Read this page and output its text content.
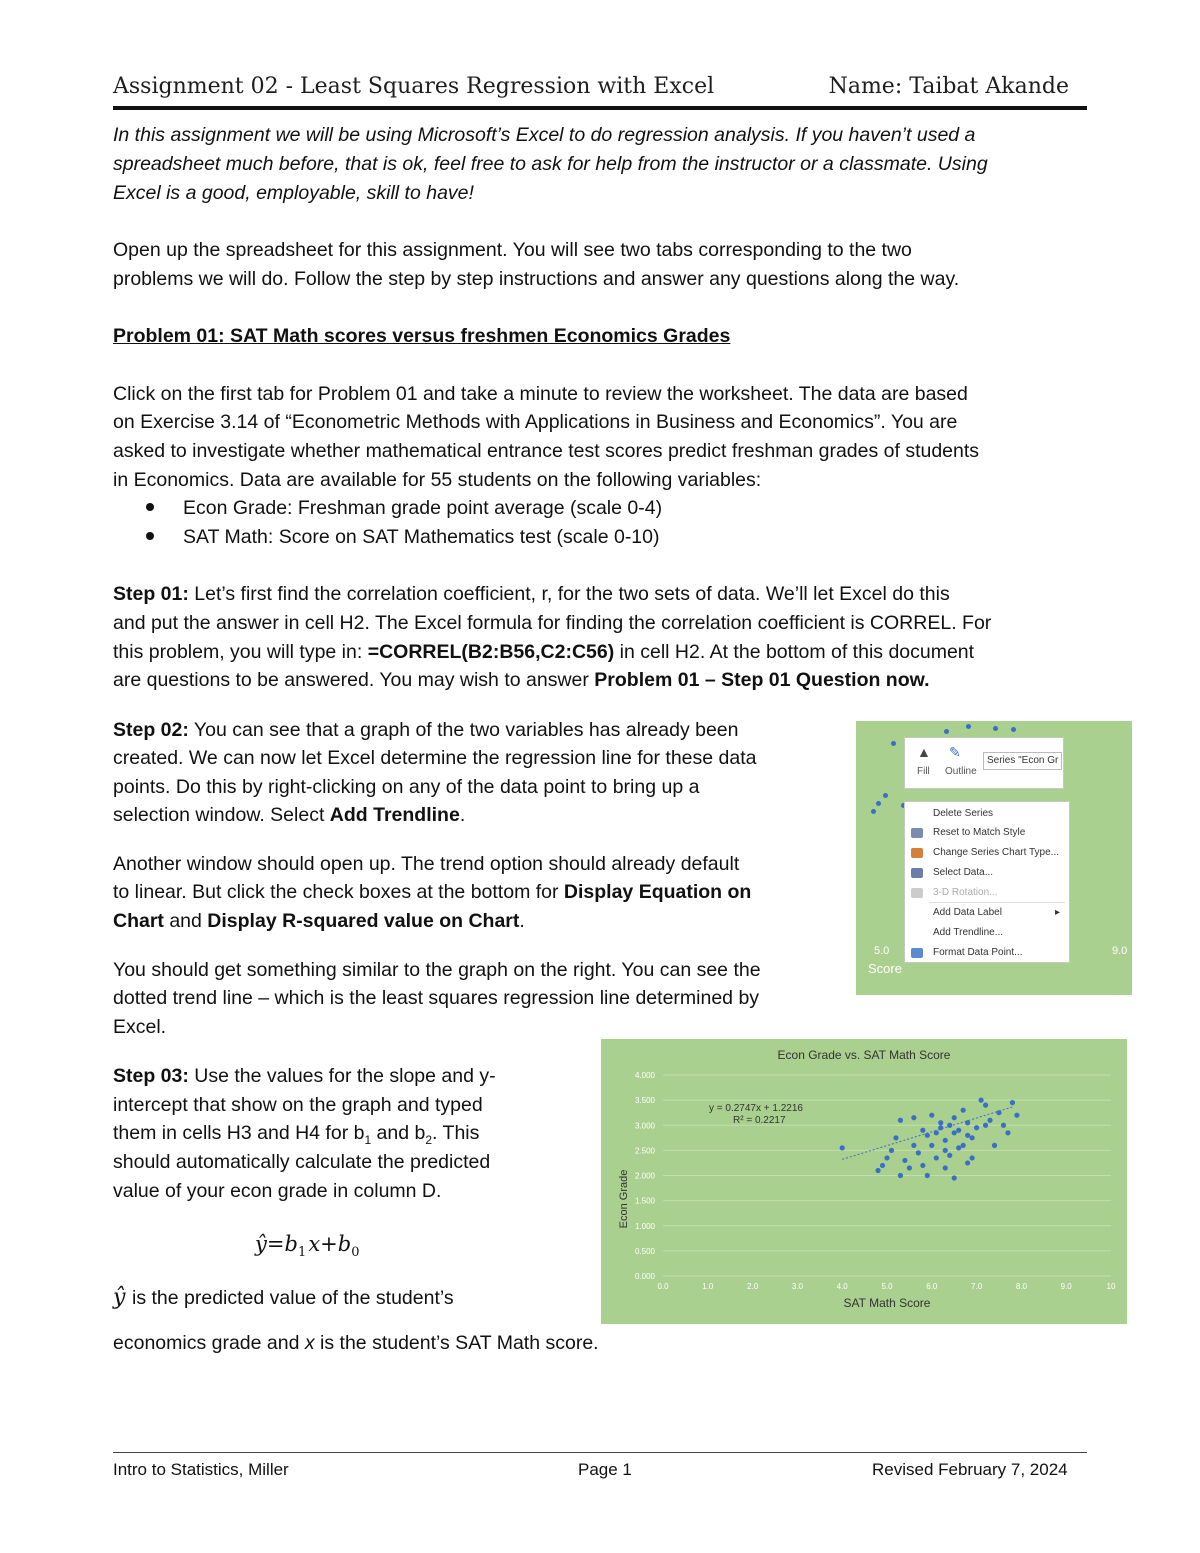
Assignment 02 - Least Squares Regression with Excel	Name: Taibat Akande
In this assignment we will be using Microsoft’s Excel to do regression analysis. If you haven’t used a
spreadsheet much before, that is ok, feel free to ask for help from the instructor or a classmate. Using
Excel is a good, employable, skill to have!
Open up the spreadsheet for this assignment. You will see two tabs corresponding to the two
problems we will do. Follow the step by step instructions and answer any questions along the way.
Problem 01: SAT Math scores versus freshmen Economics Grades
Click on the first tab for Problem 01 and take a minute to review the worksheet. The data are based
on Exercise 3.14 of “Econometric Methods with Applications in Business and Economics”. You are
asked to investigate whether mathematical entrance test scores predict freshman grades of students
in Economics. Data are available for 55 students on the following variables:
Econ Grade: Freshman grade point average (scale 0-4)
SAT Math: Score on SAT Mathematics test (scale 0-10)
Step 01: Let’s first find the correlation coefficient, r, for the two sets of data. We’ll let Excel do this
and put the answer in cell H2. The Excel formula for finding the correlation coefficient is CORREL. For
this problem, you will type in: =CORREL(B2:B56,C2:C56) in cell H2. At the bottom of this document
are questions to be answered. You may wish to answer Problem 01 – Step 01 Question now.
Step 02: You can see that a graph of the two variables has already been
created. We can now let Excel determine the regression line for these data
points. Do this by right-clicking on any of the data point to bring up a
selection window. Select Add Trendline.
Another window should open up. The trend option should already default
to linear. But click the check boxes at the bottom for Display Equation on
Chart and Display R-squared value on Chart.
You should get something similar to the graph on the right. You can see the
dotted trend line – which is the least squares regression line determined by
Excel.
Step 03: Use the values for the slope and y-
intercept that show on the graph and typed
them in cells H3 and H4 for $b_1$ and $b_2$. This
should automatically calculate the predicted
value of your econ grade in column D.
$ŷ=b_1$ $x+b_0$
ŷ is the predicted value of the student’s
economics grade and x is the student’s SAT Math score.
▲ ✎
Fill Outline
Series "Econ Gr
Delete Series
Reset to Match Style
Change Series Chart Type...
Select Data...
3-D Rotation...
Add Data Label	▸
Add Trendline...
Format Data Point...
5.0	9.0
Score
Econ Grade vs. SAT Math Score
Econ Grade
SAT Math Score
y = 0.2747x + 1.2216
R² = 0.2217
0.000
0.500
1.000
1.500
2.000
2.500
3.000
3.500
4.000
0.0	1.0	2.0	3.0	4.0	5.0	6.0	7.0	8.0	9.0	10
Intro to Statistics, Miller	Page 1	Revised February 7, 2024
